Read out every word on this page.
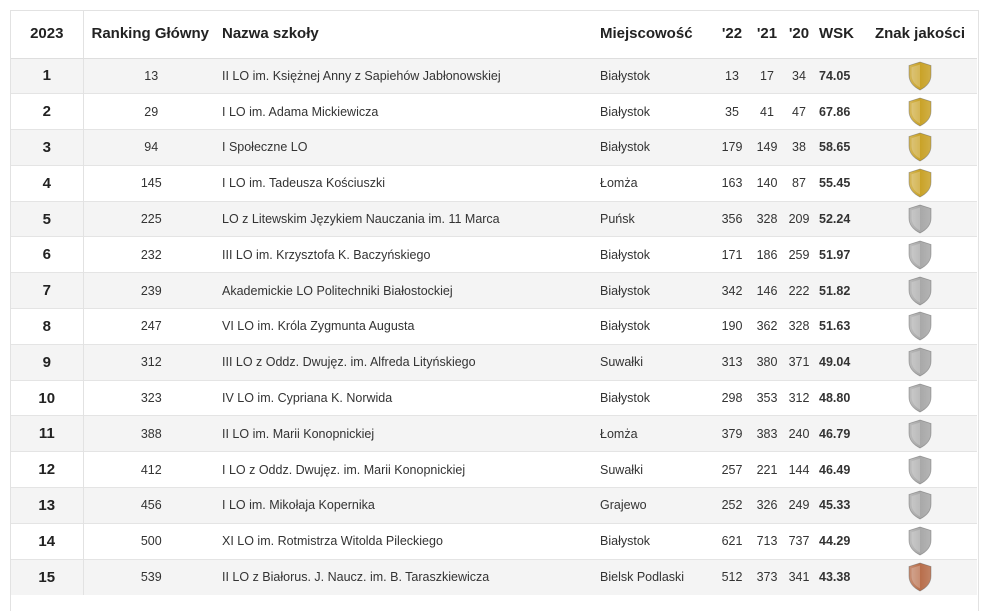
2023	Ranking Główny	Nazwa szkoły	Miejscowość	'22	'21	'20	WSK	Znak jakości
1	13	II LO im. Księżnej Anny z Sapiehów Jabłonowskiej	Białystok	13	17	34	74.05	
2	29	I LO im. Adama Mickiewicza	Białystok	35	41	47	67.86	
3	94	I Społeczne LO	Białystok	179	149	38	58.65	
4	145	I LO im. Tadeusza Kościuszki	Łomża	163	140	87	55.45	
5	225	LO z Litewskim Językiem Nauczania im. 11 Marca	Puńsk	356	328	209	52.24	
6	232	III LO im. Krzysztofa K. Baczyńskiego	Białystok	171	186	259	51.97	
7	239	Akademickie LO Politechniki Białostockiej	Białystok	342	146	222	51.82	
8	247	VI LO im. Króla Zygmunta Augusta	Białystok	190	362	328	51.63	
9	312	III LO z Oddz. Dwujęz. im. Alfreda Lityńskiego	Suwałki	313	380	371	49.04	
10	323	IV LO im. Cypriana K. Norwida	Białystok	298	353	312	48.80	
11	388	II LO im. Marii Konopnickiej	Łomża	379	383	240	46.79	
12	412	I LO z Oddz. Dwujęz. im. Marii Konopnickiej	Suwałki	257	221	144	46.49	
13	456	I LO im. Mikołaja Kopernika	Grajewo	252	326	249	45.33	
14	500	XI LO im. Rotmistrza Witolda Pileckiego	Białystok	621	713	737	44.29	
15	539	II LO z Białorus. J. Naucz. im. B. Taraszkiewicza	Bielsk Podlaski	512	373	341	43.38	
